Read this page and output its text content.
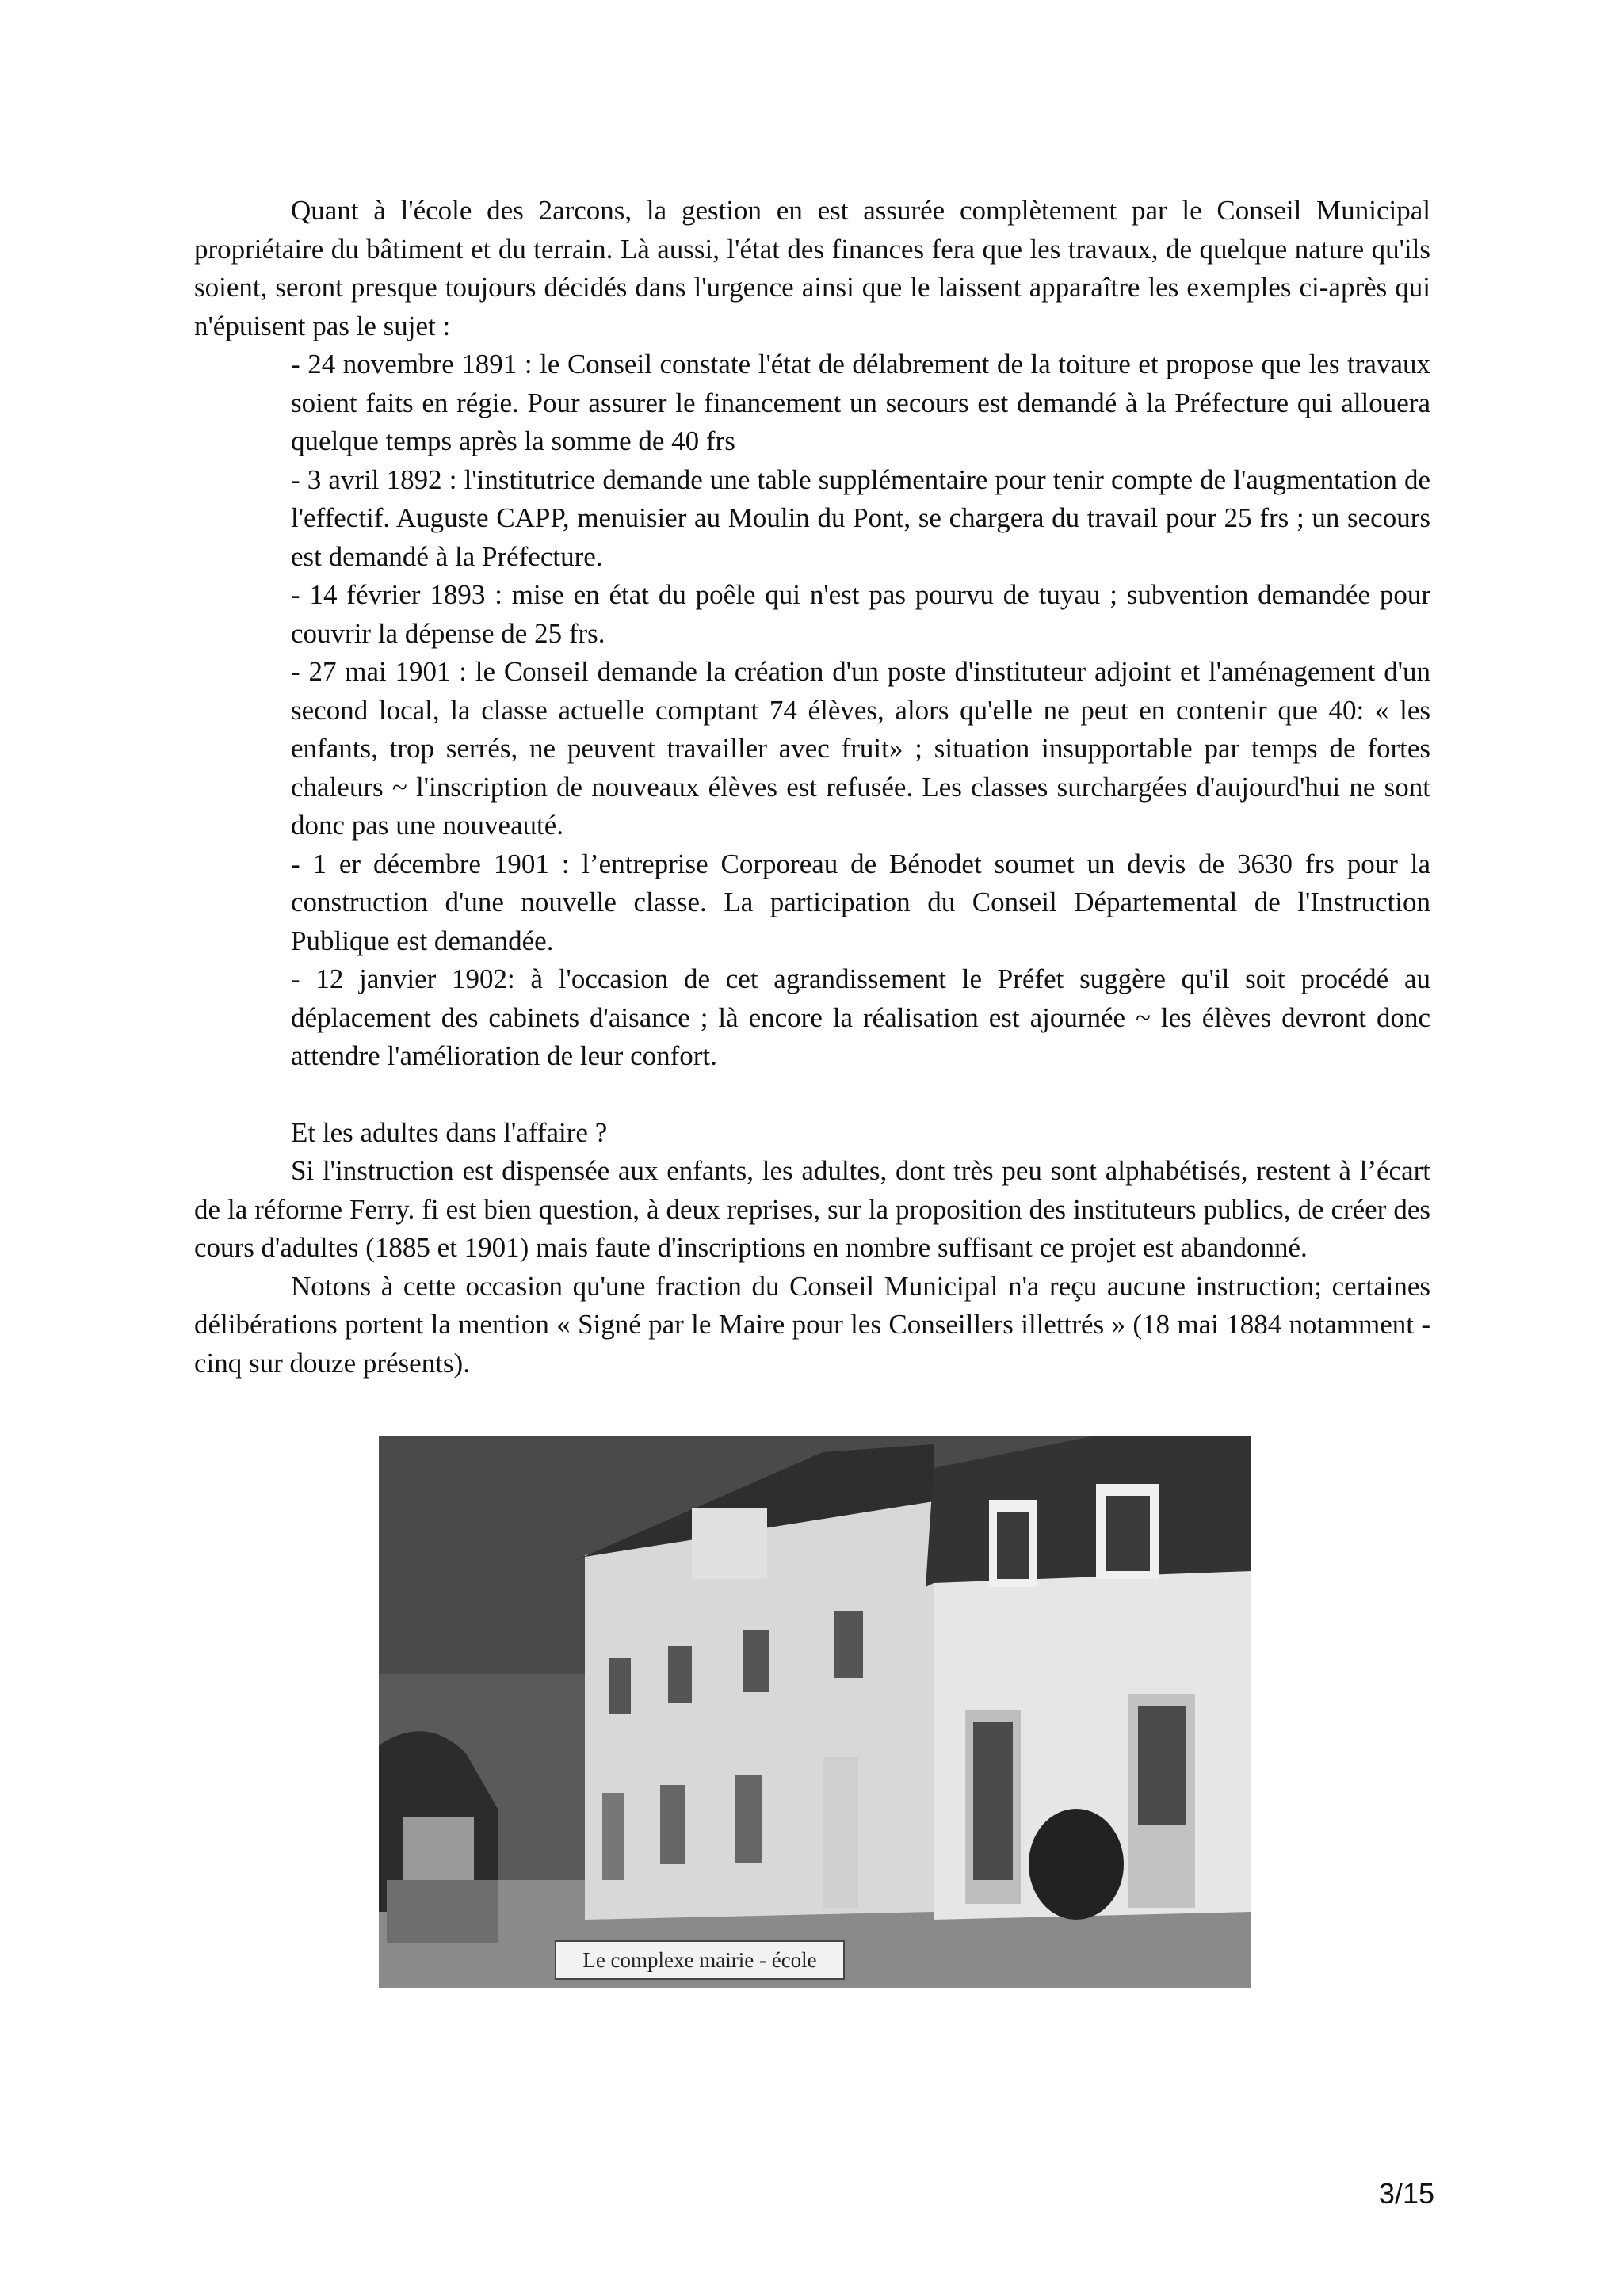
Quant à l'école des 2arcons, la gestion en est assurée complètement par le Conseil Municipal propriétaire du bâtiment et du terrain. Là aussi, l'état des finances fera que les travaux, de quelque nature qu'ils soient, seront presque toujours décidés dans l'urgence ainsi que le laissent apparaître les exemples ci-après qui n'épuisent pas le sujet :

- 24 novembre 1891 : le Conseil constate l'état de délabrement de la toiture et propose que les travaux soient faits en régie. Pour assurer le financement un secours est demandé à la Préfecture qui allouera quelque temps après la somme de 40 frs

- 3 avril 1892 : l'institutrice demande une table supplémentaire pour tenir compte de l'augmentation de l'effectif. Auguste CAPP, menuisier au Moulin du Pont, se chargera du travail pour 25 frs ; un secours est demandé à la Préfecture.

- 14 février 1893 : mise en état du poêle qui n'est pas pourvu de tuyau ; subvention demandée pour couvrir la dépense de 25 frs.

- 27 mai 1901 : le Conseil demande la création d'un poste d'instituteur adjoint et l'aménagement d'un second local, la classe actuelle comptant 74 élèves, alors qu'elle ne peut en contenir que 40: « les enfants, trop serrés, ne peuvent travailler avec fruit» ; situation insupportable par temps de fortes chaleurs ~ l'inscription de nouveaux élèves est refusée. Les classes surchargées d'aujourd'hui ne sont donc pas une nouveauté.

- 1 er décembre 1901 : l’entreprise Corporeau de Bénodet soumet un devis de 3630 frs pour la construction d'une nouvelle classe. La participation du Conseil Départemental de l'Instruction Publique est demandée.

- 12 janvier 1902: à l'occasion de cet agrandissement le Préfet suggère qu'il soit procédé au déplacement des cabinets d'aisance ; là encore la réalisation est ajournée ~ les élèves devront donc attendre l'amélioration de leur confort.

Et les adultes dans l'affaire ?

Si l'instruction est dispensée aux enfants, les adultes, dont très peu sont alphabétisés, restent à l’écart de la réforme Ferry. fi est bien question, à deux reprises, sur la proposition des instituteurs publics, de créer des cours d'adultes (1885 et 1901) mais faute d'inscriptions en nombre suffisant ce projet est abandonné.

Notons à cette occasion qu'une fraction du Conseil Municipal n'a reçu aucune instruction; certaines délibérations portent la mention « Signé par le Maire pour les Conseillers illettrés » (18 mai 1884 notamment - cinq sur douze présents).

Le complexe mairie - école
3/15
